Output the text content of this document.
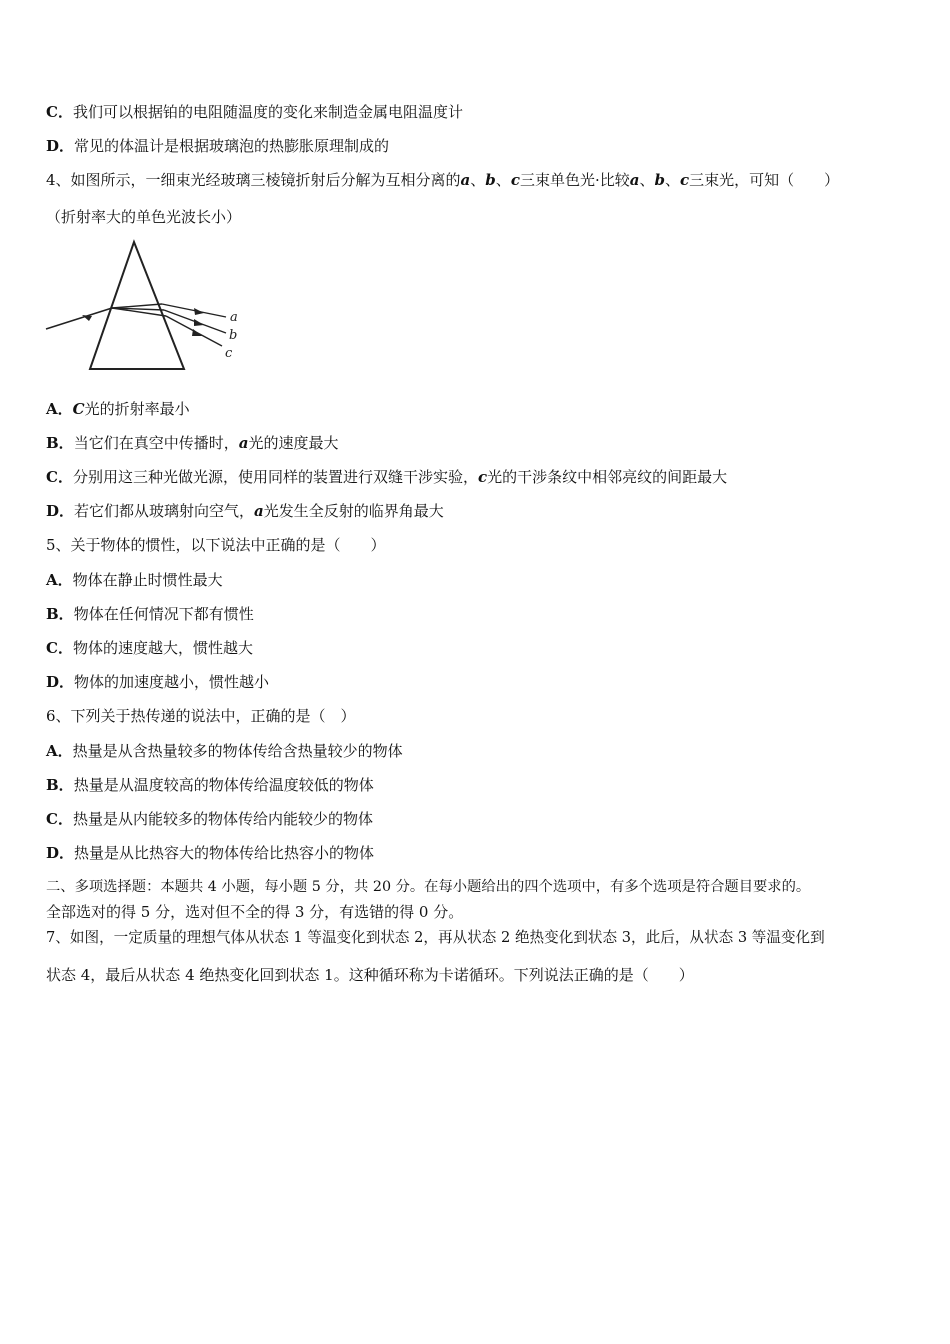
C．我们可以根据铂的电阻随温度的变化来制造金属电阻温度计
D．常见的体温计是根据玻璃泡的热膨胀原理制成的
4、如图所示，一细束光经玻璃三棱镜折射后分解为互相分离的a、b、c三束单色光·比较a、b、c三束光，可知（　　）
（折射率大的单色光波长小）
a
b
c
A．C光的折射率最小
B．当它们在真空中传播时，a光的速度最大
C．分别用这三种光做光源，使用同样的装置进行双缝干涉实验，c光的干涉条纹中相邻亮纹的间距最大
D．若它们都从玻璃射向空气，a光发生全反射的临界角最大
5、关于物体的惯性，以下说法中正确的是（　　）
A．物体在静止时惯性最大
B．物体在任何情况下都有惯性
C．物体的速度越大，惯性越大
D．物体的加速度越小，惯性越小
6、下列关于热传递的说法中，正确的是（　）
A．热量是从含热量较多的物体传给含热量较少的物体
B．热量是从温度较高的物体传给温度较低的物体
C．热量是从内能较多的物体传给内能较少的物体
D．热量是从比热容大的物体传给比热容小的物体
二、多项选择题：本题共 4 小题，每小题 5 分，共 20 分。在每小题给出的四个选项中，有多个选项是符合题目要求的。
全部选对的得 5 分，选对但不全的得 3 分，有选错的得 0 分。
7、如图，一定质量的理想气体从状态 1 等温变化到状态 2，再从状态 2 绝热变化到状态 3，此后，从状态 3 等温变化到
状态 4，最后从状态 4 绝热变化回到状态 1。这种循环称为卡诺循环。下列说法正确的是（　　）
